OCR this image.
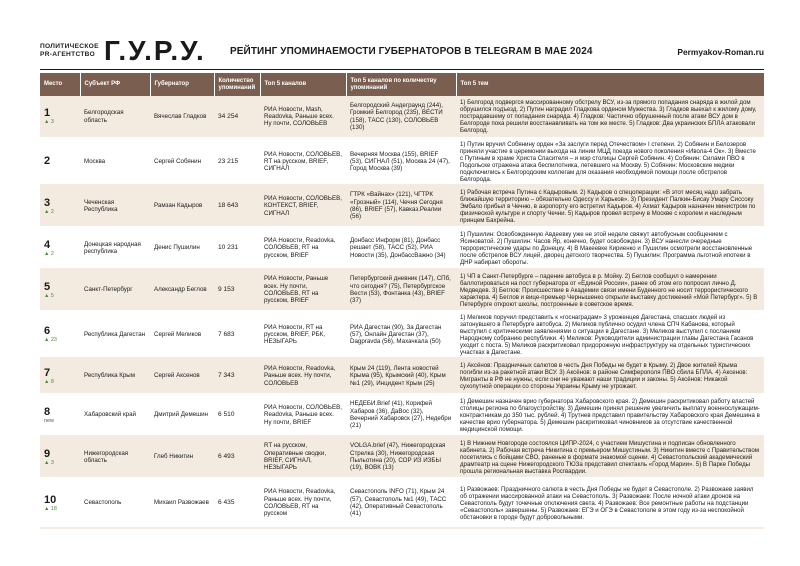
ПОЛИТИЧЕСКОЕ
PR-АГЕНТСТВО Г.У.Р.У. РЕЙТИНГ УПОМИНАЕМОСТИ ГУБЕРНАТОРОВ В TELEGRAM В МАЕ 2024	Permyakov-Roman.ru
Место	Субъект РФ	Губернатор	Количество упоминаний	Топ 5 каналов	Топ 5 каналов по количеству упоминаний	Топ 5 тем

1
▲ 3	Белгородская область	Вячеслав Гладков	34 254	РИА Новости, Mash, Readovka, Раньше всех. Ну почти, СОЛОВЬЕВ	Белгородский Андеграунд (244), Громкий Белгород (235), ВЕСТИ (158), ТАСС (130), СОЛОВЬЕВ (130)	1) Белгород подвергся массированному обстрелу ВСУ, из-за прямого попадания снаряда в жилой дом обрушился подъезд. 2) Путин наградил Гладкова орденом Мужества. 3) Гладков выехал к жилому дому, пострадавшему от попадания снаряда. 4) Гладков: Частично обрушенный после атаки ВСУ дом в Белгороде пока решили восстанавливать на том же месте. 5) Гладков: Два украинских БПЛА атаковали Белгород.

2	Москва	Сергей Собянин	23 215	РИА Новости, СОЛОВЬЕВ, RT на русском, BRIEF, СИГНАЛ	Вечерняя Москва (155), BRIEF (53), СИГНАЛ (51), Москва 24 (47), Город Москва (39)	1) Путин вручил Собянину орден «За заслуги перед Отечеством» I степени. 2) Собянин и Белозеров приняли участие в церемонии выхода на линии МЦД поезда нового поколения «Ивола-4 Ок». 3) Вместе с Путиным в храме Христа Спасителя – и мэр столицы Сергей Собянин. 4) Собянин: Силами ПВО в Подольске отражена атака беспилотника, летевшего на Москву. 5) Собянин: Московские медики подключились к Белгородским коллегам для оказания необходимой помощи после обстрелов Белгорода.

3
▲ 2	Чеченская Республика	Рамзан Кадыров	18 643	РИА Новости, СОЛОВЬЕВ, КОНТЕКСТ, BRIEF, СИГНАЛ	ГТРК «Вайнах» (121), ЧГТРК «Грозный» (114), Чечня Сегодня (86), BRIEF (57), Кавказ.Реалии (56)	1) Рабочая встреча Путина с Кадыровым. 2) Кадыров о спецоперации: «В этот месяц надо забрать ближайшую территорию – обязательно Одессу и Харьков». 3) Президент Палкин-Бисау Умару Сиссоку Эмбало прибыл в Чечню, в аэропорту его встретил Кадыров. 4) Ахмат Кадыров назначен министром по физической культуре и спорту Чечни. 5) Кадыров провел встречу в Москве с королем и наследным принцем Бахрейна.

4
▲ 2	Донецкая народная республика	Денис Пушилин	10 231	РИА Новости, Readovka, СОЛОВЬЕВ, RT на русском, BRIEF	Донбасс Информ (81), Донбасс решает (58), ТАСС (52), РИА Новости (35), ДонбассВажно (34)	1) Пушилин: Освобожденную Авдеевку уже не этой неделе свяжут автобусным сообщением с Ясиноватой. 2) Пушилин: Часов Яр, конечно, будет освобожден. 3) ВСУ нанесли очередные террористические удары по Донецку. 4) В Макеевке Кириенко и Пушилин осмотрели восстановленные после обстрелов ВСУ лицей, дворец детского творчества. 5) Пушилин: Программа льготной ипотеки в ДНР набирает обороты.

5
▲ 5	Санкт-Петербург	Александр Беглов	9 153	РИА Новости, Раньше всех. Ну почти, СОЛОВЬЕВ, RT на русском, BRIEF	Петербургский дневник (147), СПб, что сегодня? (75), Петербургское Вести (53), Фонтанка (43), BRIEF (37)	1) ЧП в Санкт-Петербурге – падение автобуса в р. Мойку. 2) Беглов сообщил о намерении баллотироваться на пост губернатора от «Единой России», ранее об этом его попросил лично Д. Медведев. 3) Беглов: Происшествие в Академии связи имени Буденного не носит террористического характера. 4) Беглов и вице-премьер Чернышенко открыли выставку достижений «Мой Петербург». 5) В Петербурге откроют школы, построенные в советское время.

6
▲ 23	Республика Дагестан	Сергей Меликов	7 683	РИА Новости, RT на русском, BRIEF, РБК, НЕЗЫГАРЬ	РИА Дагестан (90), За Дагестан (57), Онлайн Дагестан (37), Dagpravda (56), Махачкала (50)	1) Меликов поручил представить к «госнаградам» 3 уроженцев Дагестана, спасших людей из затонувшего в Петербурге автобуса. 2) Меликов публично осудил члена СПЧ Кабанова, который выступил с критическими заявлениями о ситуации в Дагестане. 3) Меликов выступил с посланием Народному собранию республики. 4) Меликов: Руководители администрации главы Дагестана Гасанов уходит с поста. 5) Меликов раскритиковал придорожную инфраструктуру на отдельных туристических участках в Дагестане.

7
▲ 8	Республика Крым	Сергей Аксенов	7 343	РИА Новости, Readovka, Раньше всех. Ну почти, СОЛОВЬЕВ	Крым 24 (119), Лента новостей Крыма (95), Крымский (40), Крым №1 (29), Инцидент Крым (25)	1) Аксёнов: Праздничных салютов в честь Дня Победы не будет в Крыму. 2) Двое жителей Крыма погибли из-за ракетной атаки ВСУ. 3) Аксёнов: в районе Симферополя ПВО сбила БПЛА. 4) Аксенов: Мигранты в РФ не нужны, если они не уважают наши традиции и законы. 5) Аксёнов: Никакой сухопутной операции со стороны Украины Крыму не угрожает.

8
new	Хабаровский край	Дмитрий Демешин	6 510	РИА Новости, СОЛОВЬЕВ, Readovka, Раньше всех. Ну почти, BRIEF	НЕДЕБИ.Brief (41), Корифей Хабаров (36), ДаВос (32), Вечерний Хабаровск (27), Недебри (21)	1) Демешин назначен врио губернатора Хабаровского края. 2) Демешин раскритиковал работу властей столицы региона по благоустройству. 3) Демешин принял решение увеличить выплату военнослужащим-контрактникам до 350 тыс. рублей. 4) Трутнев представил правительству Хабаровского края Демешина в качестве врио губернатора. 5) Демешин раскритиковал чиновников за отсутствие качественной медицинской помощи.

9
▲ 3	Нижегородская область	Глеб Никитин	6 493	RT на русском, Оперативные сводки, BRIEF, СИГНАЛ, НЕЗЫГАРЬ	VOLGA.brief (47), Нижегородская Стрелка (30), Нижегородская Пыльотина (20), СОР ИЗ ИЗБЫ (19), ВОВК (13)	1) В Нижнем Новгороде состоялся ЦИПР-2024, с участием Мишустина и подписан обновленного кабинета. 2) Рабочая встреча Никитина с премьером Мишустиным. 3) Никитин вместе с Правительством посетились с бойцами СВО, раненые в формате знакомой сценки. 4) Севастопольский академический драмтеатр на сцене Нижегородского ТЮЗа представил спектакль «Город Марии». 5) В Парке Победы прошла региональная выставка Росгвардии.

10
▲ 18	Севастополь	Михаил Развожаев	6 435	РИА Новости, Readovka, Раньше всех. Ну почти, СОЛОВЬЕВ, RT на русском	Севастополь INFO (71), Крым 24 (57), Севастополь №1 (49), ТАСС (42), Оперативный Севастополь (41)	1) Развожаев: Праздничного салюта в честь Дня Победы не будет в Севастополе. 2) Развожаев заявил об отражении массированной атаки на Севастополь. 3) Развожаев: После ночной атаки дронов на Севастополь будут точечные отключения света. 4) Развожаев: Все ремонтные работы на подстанции «Севастополь» завершены. 5) Развожаев: ЕГЭ и ОГЭ в Севастополе в этом году из-за неспокойной обстановки в городе будут добровольными.
